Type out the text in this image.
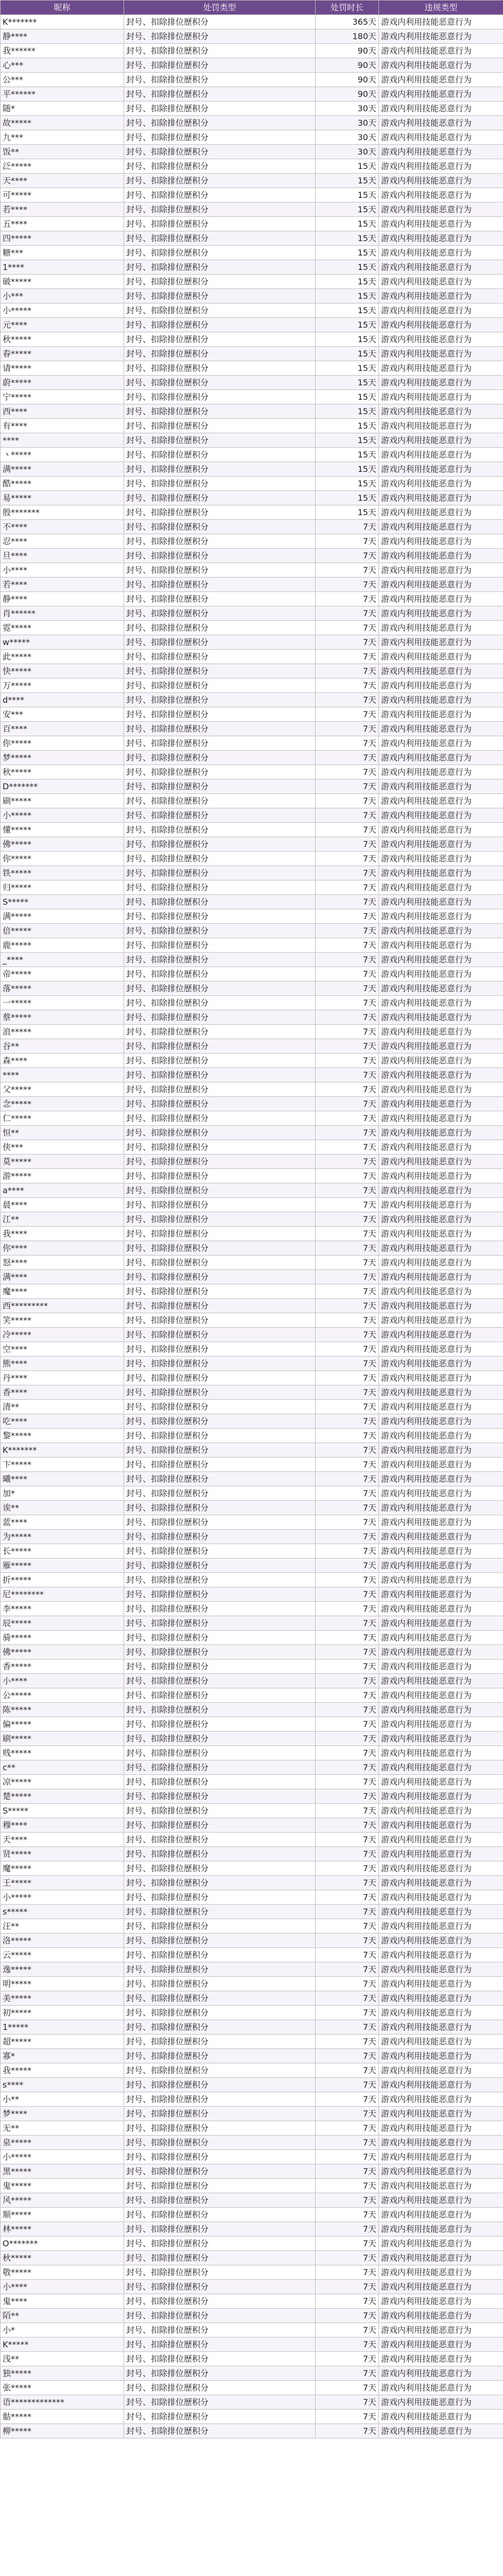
昵称	处罚类型	处罚时长	违规类型
K*******	封号、扣除排位歷积分	365天	游戏内利用技能恶意行为
静****	封号、扣除排位歷积分	180天	游戏内利用技能恶意行为
我******	封号、扣除排位歷积分	90天	游戏内利用技能恶意行为
心***	封号、扣除排位歷积分	90天	游戏内利用技能恶意行为
公***	封号、扣除排位歷积分	90天	游戏内利用技能恶意行为
平******	封号、扣除排位歷积分	90天	游戏内利用技能恶意行为
随*	封号、扣除排位歷积分	30天	游戏内利用技能恶意行为
故*****	封号、扣除排位歷积分	30天	游戏内利用技能恶意行为
九***	封号、扣除排位歷积分	30天	游戏内利用技能恶意行为
饭**	封号、扣除排位歷积分	30天	游戏内利用技能恶意行为
泛*****	封号、扣除排位歷积分	15天	游戏内利用技能恶意行为
天****	封号、扣除排位歷积分	15天	游戏内利用技能恶意行为
可*****	封号、扣除排位歷积分	15天	游戏内利用技能恶意行为
若****	封号、扣除排位歷积分	15天	游戏内利用技能恶意行为
五****	封号、扣除排位歷积分	15天	游戏内利用技能恶意行为
四*****	封号、扣除排位歷积分	15天	游戏内利用技能恶意行为
糖***	封号、扣除排位歷积分	15天	游戏内利用技能恶意行为
1****	封号、扣除排位歷积分	15天	游戏内利用技能恶意行为
破*****	封号、扣除排位歷积分	15天	游戏内利用技能恶意行为
小***	封号、扣除排位歷积分	15天	游戏内利用技能恶意行为
小*****	封号、扣除排位歷积分	15天	游戏内利用技能恶意行为
元****	封号、扣除排位歷积分	15天	游戏内利用技能恶意行为
秋*****	封号、扣除排位歷积分	15天	游戏内利用技能恶意行为
春*****	封号、扣除排位歷积分	15天	游戏内利用技能恶意行为
请*****	封号、扣除排位歷积分	15天	游戏内利用技能恶意行为
蔚*****	封号、扣除排位歷积分	15天	游戏内利用技能恶意行为
宁*****	封号、扣除排位歷积分	15天	游戏内利用技能恶意行为
西****	封号、扣除排位歷积分	15天	游戏内利用技能恶意行为
有****	封号、扣除排位歷积分	15天	游戏内利用技能恶意行为
****	封号、扣除排位歷积分	15天	游戏内利用技能恶意行为
丶*****	封号、扣除排位歷积分	15天	游戏内利用技能恶意行为
满*****	封号、扣除排位歷积分	15天	游戏内利用技能恶意行为
酷*****	封号、扣除排位歷积分	15天	游戏内利用技能恶意行为
易*****	封号、扣除排位歷积分	15天	游戏内利用技能恶意行为
殷*******	封号、扣除排位歷积分	15天	游戏内利用技能恶意行为
不****	封号、扣除排位歷积分	7天	游戏内利用技能恶意行为
忍****	封号、扣除排位歷积分	7天	游戏内利用技能恶意行为
旦****	封号、扣除排位歷积分	7天	游戏内利用技能恶意行为
小****	封号、扣除排位歷积分	7天	游戏内利用技能恶意行为
若****	封号、扣除排位歷积分	7天	游戏内利用技能恶意行为
静****	封号、扣除排位歷积分	7天	游戏内利用技能恶意行为
肖******	封号、扣除排位歷积分	7天	游戏内利用技能恶意行为
霓*****	封号、扣除排位歷积分	7天	游戏内利用技能恶意行为
w*****	封号、扣除排位歷积分	7天	游戏内利用技能恶意行为
此*****	封号、扣除排位歷积分	7天	游戏内利用技能恶意行为
快*****	封号、扣除排位歷积分	7天	游戏内利用技能恶意行为
万*****	封号、扣除排位歷积分	7天	游戏内利用技能恶意行为
d****	封号、扣除排位歷积分	7天	游戏内利用技能恶意行为
安***	封号、扣除排位歷积分	7天	游戏内利用技能恶意行为
百****	封号、扣除排位歷积分	7天	游戏内利用技能恶意行为
你*****	封号、扣除排位歷积分	7天	游戏内利用技能恶意行为
梦*****	封号、扣除排位歷积分	7天	游戏内利用技能恶意行为
秋*****	封号、扣除排位歷积分	7天	游戏内利用技能恶意行为
D*******	封号、扣除排位歷积分	7天	游戏内利用技能恶意行为
刷*****	封号、扣除排位歷积分	7天	游戏内利用技能恶意行为
小*****	封号、扣除排位歷积分	7天	游戏内利用技能恶意行为
懂*****	封号、扣除排位歷积分	7天	游戏内利用技能恶意行为
佛*****	封号、扣除排位歷积分	7天	游戏内利用技能恶意行为
你*****	封号、扣除排位歷积分	7天	游戏内利用技能恶意行为
铁*****	封号、扣除排位歷积分	7天	游戏内利用技能恶意行为
归*****	封号、扣除排位歷积分	7天	游戏内利用技能恶意行为
S*****	封号、扣除排位歷积分	7天	游戏内利用技能恶意行为
满*****	封号、扣除排位歷积分	7天	游戏内利用技能恶意行为
倍*****	封号、扣除排位歷积分	7天	游戏内利用技能恶意行为
鹿*****	封号、扣除排位歷积分	7天	游戏内利用技能恶意行为
_****	封号、扣除排位歷积分	7天	游戏内利用技能恶意行为
帝*****	封号、扣除排位歷积分	7天	游戏内利用技能恶意行为
落*****	封号、扣除排位歷积分	7天	游戏内利用技能恶意行为
一*****	封号、扣除排位歷积分	7天	游戏内利用技能恶意行为
蔡*****	封号、扣除排位歷积分	7天	游戏内利用技能恶意行为
浪*****	封号、扣除排位歷积分	7天	游戏内利用技能恶意行为
谷**	封号、扣除排位歷积分	7天	游戏内利用技能恶意行为
森****	封号、扣除排位歷积分	7天	游戏内利用技能恶意行为
****	封号、扣除排位歷积分	7天	游戏内利用技能恶意行为
父*****	封号、扣除排位歷积分	7天	游戏内利用技能恶意行为
念*****	封号、扣除排位歷积分	7天	游戏内利用技能恶意行为
仁*****	封号、扣除排位歷积分	7天	游戏内利用技能恶意行为
恒**	封号、扣除排位歷积分	7天	游戏内利用技能恶意行为
侠***	封号、扣除排位歷积分	7天	游戏内利用技能恶意行为
莫*****	封号、扣除排位歷积分	7天	游戏内利用技能恶意行为
游*****	封号、扣除排位歷积分	7天	游戏内利用技能恶意行为
a****	封号、扣除排位歷积分	7天	游戏内利用技能恶意行为
晨****	封号、扣除排位歷积分	7天	游戏内利用技能恶意行为
江**	封号、扣除排位歷积分	7天	游戏内利用技能恶意行为
我****	封号、扣除排位歷积分	7天	游戏内利用技能恶意行为
你****	封号、扣除排位歷积分	7天	游戏内利用技能恶意行为
怒****	封号、扣除排位歷积分	7天	游戏内利用技能恶意行为
满****	封号、扣除排位歷积分	7天	游戏内利用技能恶意行为
魔****	封号、扣除排位歷积分	7天	游戏内利用技能恶意行为
西*********	封号、扣除排位歷积分	7天	游戏内利用技能恶意行为
笑*****	封号、扣除排位歷积分	7天	游戏内利用技能恶意行为
冷*****	封号、扣除排位歷积分	7天	游戏内利用技能恶意行为
空****	封号、扣除排位歷积分	7天	游戏内利用技能恶意行为
熊****	封号、扣除排位歷积分	7天	游戏内利用技能恶意行为
丹****	封号、扣除排位歷积分	7天	游戏内利用技能恶意行为
香****	封号、扣除排位歷积分	7天	游戏内利用技能恶意行为
清**	封号、扣除排位歷积分	7天	游戏内利用技能恶意行为
吃****	封号、扣除排位歷积分	7天	游戏内利用技能恶意行为
黎*****	封号、扣除排位歷积分	7天	游戏内利用技能恶意行为
K*******	封号、扣除排位歷积分	7天	游戏内利用技能恶意行为
卞*****	封号、扣除排位歷积分	7天	游戏内利用技能恶意行为
曦****	封号、扣除排位歷积分	7天	游戏内利用技能恶意行为
加*	封号、扣除排位歷积分	7天	游戏内利用技能恶意行为
诶**	封号、扣除排位歷积分	7天	游戏内利用技能恶意行为
蓝****	封号、扣除排位歷积分	7天	游戏内利用技能恶意行为
为*****	封号、扣除排位歷积分	7天	游戏内利用技能恶意行为
长*****	封号、扣除排位歷积分	7天	游戏内利用技能恶意行为
雁*****	封号、扣除排位歷积分	7天	游戏内利用技能恶意行为
折*****	封号、扣除排位歷积分	7天	游戏内利用技能恶意行为
尼********	封号、扣除排位歷积分	7天	游戏内利用技能恶意行为
李*****	封号、扣除排位歷积分	7天	游戏内利用技能恶意行为
辰*****	封号、扣除排位歷积分	7天	游戏内利用技能恶意行为
骑*****	封号、扣除排位歷积分	7天	游戏内利用技能恶意行为
佛*****	封号、扣除排位歷积分	7天	游戏内利用技能恶意行为
香*****	封号、扣除排位歷积分	7天	游戏内利用技能恶意行为
小****	封号、扣除排位歷积分	7天	游戏内利用技能恶意行为
公*****	封号、扣除排位歷积分	7天	游戏内利用技能恶意行为
陈*****	封号、扣除排位歷积分	7天	游戏内利用技能恶意行为
偏*****	封号、扣除排位歷积分	7天	游戏内利用技能恶意行为
刷*****	封号、扣除排位歷积分	7天	游戏内利用技能恶意行为
贱*****	封号、扣除排位歷积分	7天	游戏内利用技能恶意行为
c**	封号、扣除排位歷积分	7天	游戏内利用技能恶意行为
凉*****	封号、扣除排位歷积分	7天	游戏内利用技能恶意行为
楚*****	封号、扣除排位歷积分	7天	游戏内利用技能恶意行为
S*****	封号、扣除排位歷积分	7天	游戏内利用技能恶意行为
穆****	封号、扣除排位歷积分	7天	游戏内利用技能恶意行为
天****	封号、扣除排位歷积分	7天	游戏内利用技能恶意行为
贤*****	封号、扣除排位歷积分	7天	游戏内利用技能恶意行为
魔*****	封号、扣除排位歷积分	7天	游戏内利用技能恶意行为
王*****	封号、扣除排位歷积分	7天	游戏内利用技能恶意行为
小*****	封号、扣除排位歷积分	7天	游戏内利用技能恶意行为
s*****	封号、扣除排位歷积分	7天	游戏内利用技能恶意行为
汪**	封号、扣除排位歷积分	7天	游戏内利用技能恶意行为
洛*****	封号、扣除排位歷积分	7天	游戏内利用技能恶意行为
云*****	封号、扣除排位歷积分	7天	游戏内利用技能恶意行为
逸*****	封号、扣除排位歷积分	7天	游戏内利用技能恶意行为
明*****	封号、扣除排位歷积分	7天	游戏内利用技能恶意行为
美*****	封号、扣除排位歷积分	7天	游戏内利用技能恶意行为
初*****	封号、扣除排位歷积分	7天	游戏内利用技能恶意行为
1*****	封号、扣除排位歷积分	7天	游戏内利用技能恶意行为
超*****	封号、扣除排位歷积分	7天	游戏内利用技能恶意行为
寡*	封号、扣除排位歷积分	7天	游戏内利用技能恶意行为
我*****	封号、扣除排位歷积分	7天	游戏内利用技能恶意行为
s****	封号、扣除排位歷积分	7天	游戏内利用技能恶意行为
小**	封号、扣除排位歷积分	7天	游戏内利用技能恶意行为
梦****	封号、扣除排位歷积分	7天	游戏内利用技能恶意行为
无**	封号、扣除排位歷积分	7天	游戏内利用技能恶意行为
泉*****	封号、扣除排位歷积分	7天	游戏内利用技能恶意行为
小*****	封号、扣除排位歷积分	7天	游戏内利用技能恶意行为
黑*****	封号、扣除排位歷积分	7天	游戏内利用技能恶意行为
鬼*****	封号、扣除排位歷积分	7天	游戏内利用技能恶意行为
风*****	封号、扣除排位歷积分	7天	游戏内利用技能恶意行为
顺*****	封号、扣除排位歷积分	7天	游戏内利用技能恶意行为
林*****	封号、扣除排位歷积分	7天	游戏内利用技能恶意行为
O*******	封号、扣除排位歷积分	7天	游戏内利用技能恶意行为
秋*****	封号、扣除排位歷积分	7天	游戏内利用技能恶意行为
敬*****	封号、扣除排位歷积分	7天	游戏内利用技能恶意行为
小****	封号、扣除排位歷积分	7天	游戏内利用技能恶意行为
鬼****	封号、扣除排位歷积分	7天	游戏内利用技能恶意行为
陌**	封号、扣除排位歷积分	7天	游戏内利用技能恶意行为
小*	封号、扣除排位歷积分	7天	游戏内利用技能恶意行为
K*****	封号、扣除排位歷积分	7天	游戏内利用技能恶意行为
浅**	封号、扣除排位歷积分	7天	游戏内利用技能恶意行为
独*****	封号、扣除排位歷积分	7天	游戏内利用技能恶意行为
张*****	封号、扣除排位歷积分	7天	游戏内利用技能恶意行为
语*************	封号、扣除排位歷积分	7天	游戏内利用技能恶意行为
骷*****	封号、扣除排位歷积分	7天	游戏内利用技能恶意行为
柳*****	封号、扣除排位歷积分	7天	游戏内利用技能恶意行为
